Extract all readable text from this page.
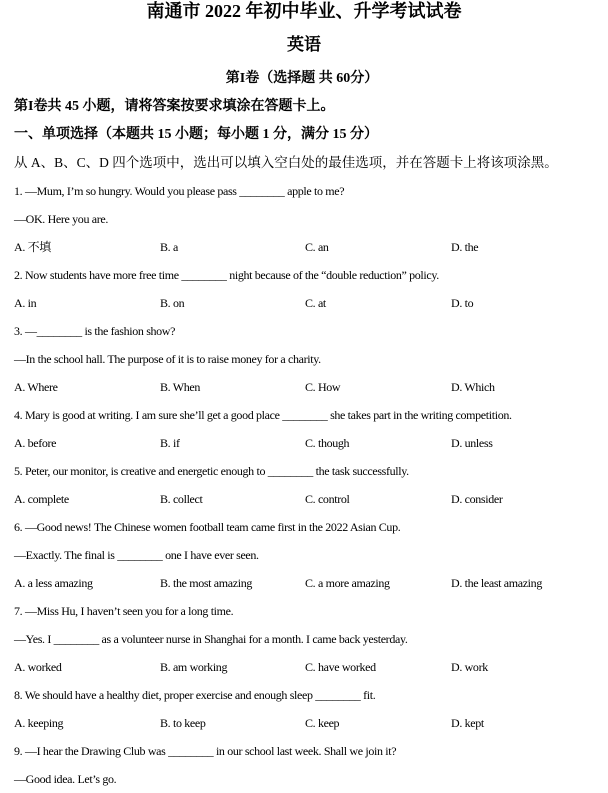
南通市 2022 年初中毕业、升学考试试卷
英语
第I卷（选择题 共 60分）
第I卷共 45 小题，请将答案按要求填涂在答题卡上。
一、单项选择（本题共 15 小题；每小题 1 分，满分 15 分）
从 A、B、C、D 四个选项中，选出可以填入空白处的最佳选项，并在答题卡上将该项涂黑。
1. —Mum, I’m so hungry. Would you please pass ________ apple to me?
—OK. Here you are.
A. 不填	B. a	C. an	D. the
2. Now students have more free time ________ night because of the “double reduction” policy.
A. in	B. on	C. at	D. to
3. —________ is the fashion show?
—In the school hall. The purpose of it is to raise money for a charity.
A. Where	B. When	C. How	D. Which
4. Mary is good at writing. I am sure she’ll get a good place ________ she takes part in the writing competition.
A. before	B. if	C. though	D. unless
5. Peter, our monitor, is creative and energetic enough to ________ the task successfully.
A. complete	B. collect	C. control	D. consider
6. —Good news! The Chinese women football team came first in the 2022 Asian Cup.
—Exactly. The final is ________ one I have ever seen.
A. a less amazing	B. the most amazing	C. a more amazing	D. the least amazing
7. —Miss Hu, I haven’t seen you for a long time.
—Yes. I ________ as a volunteer nurse in Shanghai for a month. I came back yesterday.
A. worked	B. am working	C. have worked	D. work
8. We should have a healthy diet, proper exercise and enough sleep ________ fit.
A. keeping	B. to keep	C. keep	D. kept
9. —I hear the Drawing Club was ________ in our school last week. Shall we join it?
—Good idea. Let’s go.
